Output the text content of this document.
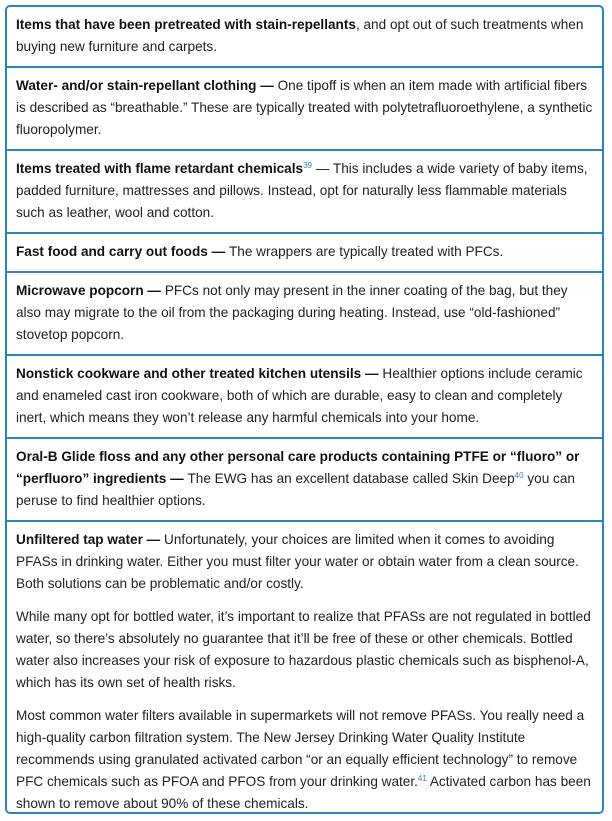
Items that have been pretreated with stain-repellants, and opt out of such treatments when buying new furniture and carpets.
Water- and/or stain-repellant clothing — One tipoff is when an item made with artificial fibers is described as “breathable.” These are typically treated with polytetrafluoroethylene, a synthetic fluoropolymer.
Items treated with flame retardant chemicals$^{39}$ — This includes a wide variety of baby items, padded furniture, mattresses and pillows. Instead, opt for naturally less flammable materials such as leather, wool and cotton.
Fast food and carry out foods — The wrappers are typically treated with PFCs.
Microwave popcorn — PFCs not only may present in the inner coating of the bag, but they also may migrate to the oil from the packaging during heating. Instead, use “old-fashioned” stovetop popcorn.
Nonstick cookware and other treated kitchen utensils — Healthier options include ceramic and enameled cast iron cookware, both of which are durable, easy to clean and completely inert, which means they won’t release any harmful chemicals into your home.
Oral-B Glide floss and any other personal care products containing PTFE or “fluoro” or “perfluoro” ingredients — The EWG has an excellent database called Skin Deep$^{40}$ you can peruse to find healthier options.

Unfiltered tap water — Unfortunately, your choices are limited when it comes to avoiding PFASs in drinking water. Either you must filter your water or obtain water from a clean source. Both solutions can be problematic and/or costly.

While many opt for bottled water, it’s important to realize that PFASs are not regulated in bottled water, so there’s absolutely no guarantee that it’ll be free of these or other chemicals. Bottled water also increases your risk of exposure to hazardous plastic chemicals such as bisphenol-A, which has its own set of health risks.

Most common water filters available in supermarkets will not remove PFASs. You really need a high-quality carbon filtration system. The New Jersey Drinking Water Quality Institute recommends using granulated activated carbon “or an equally efficient technology” to remove PFC chemicals such as PFOA and PFOS from your drinking water.$^{41}$ Activated carbon has been shown to remove about 90% of these chemicals.
